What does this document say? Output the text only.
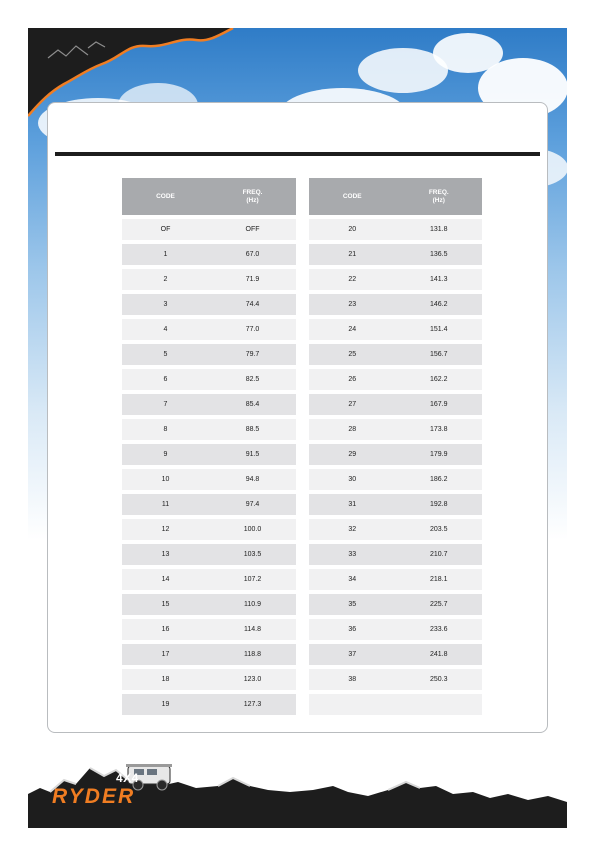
CODE	FREQ.
(Hz)
OF	OFF
1	67.0
2	71.9
3	74.4
4	77.0
5	79.7
6	82.5
7	85.4
8	88.5
9	91.5
10	94.8
11	97.4
12	100.0
13	103.5
14	107.2
15	110.9
16	114.8
17	118.8
18	123.0
19	127.3
CODE	FREQ.
(Hz)
20	131.8
21	136.5
22	141.3
23	146.2
24	151.4
25	156.7
26	162.2
27	167.9
28	173.8
29	179.9
30	186.2
31	192.8
32	203.5
33	210.7
34	218.1
35	225.7
36	233.6
37	241.8
38	250.3

4X4
RYDER
